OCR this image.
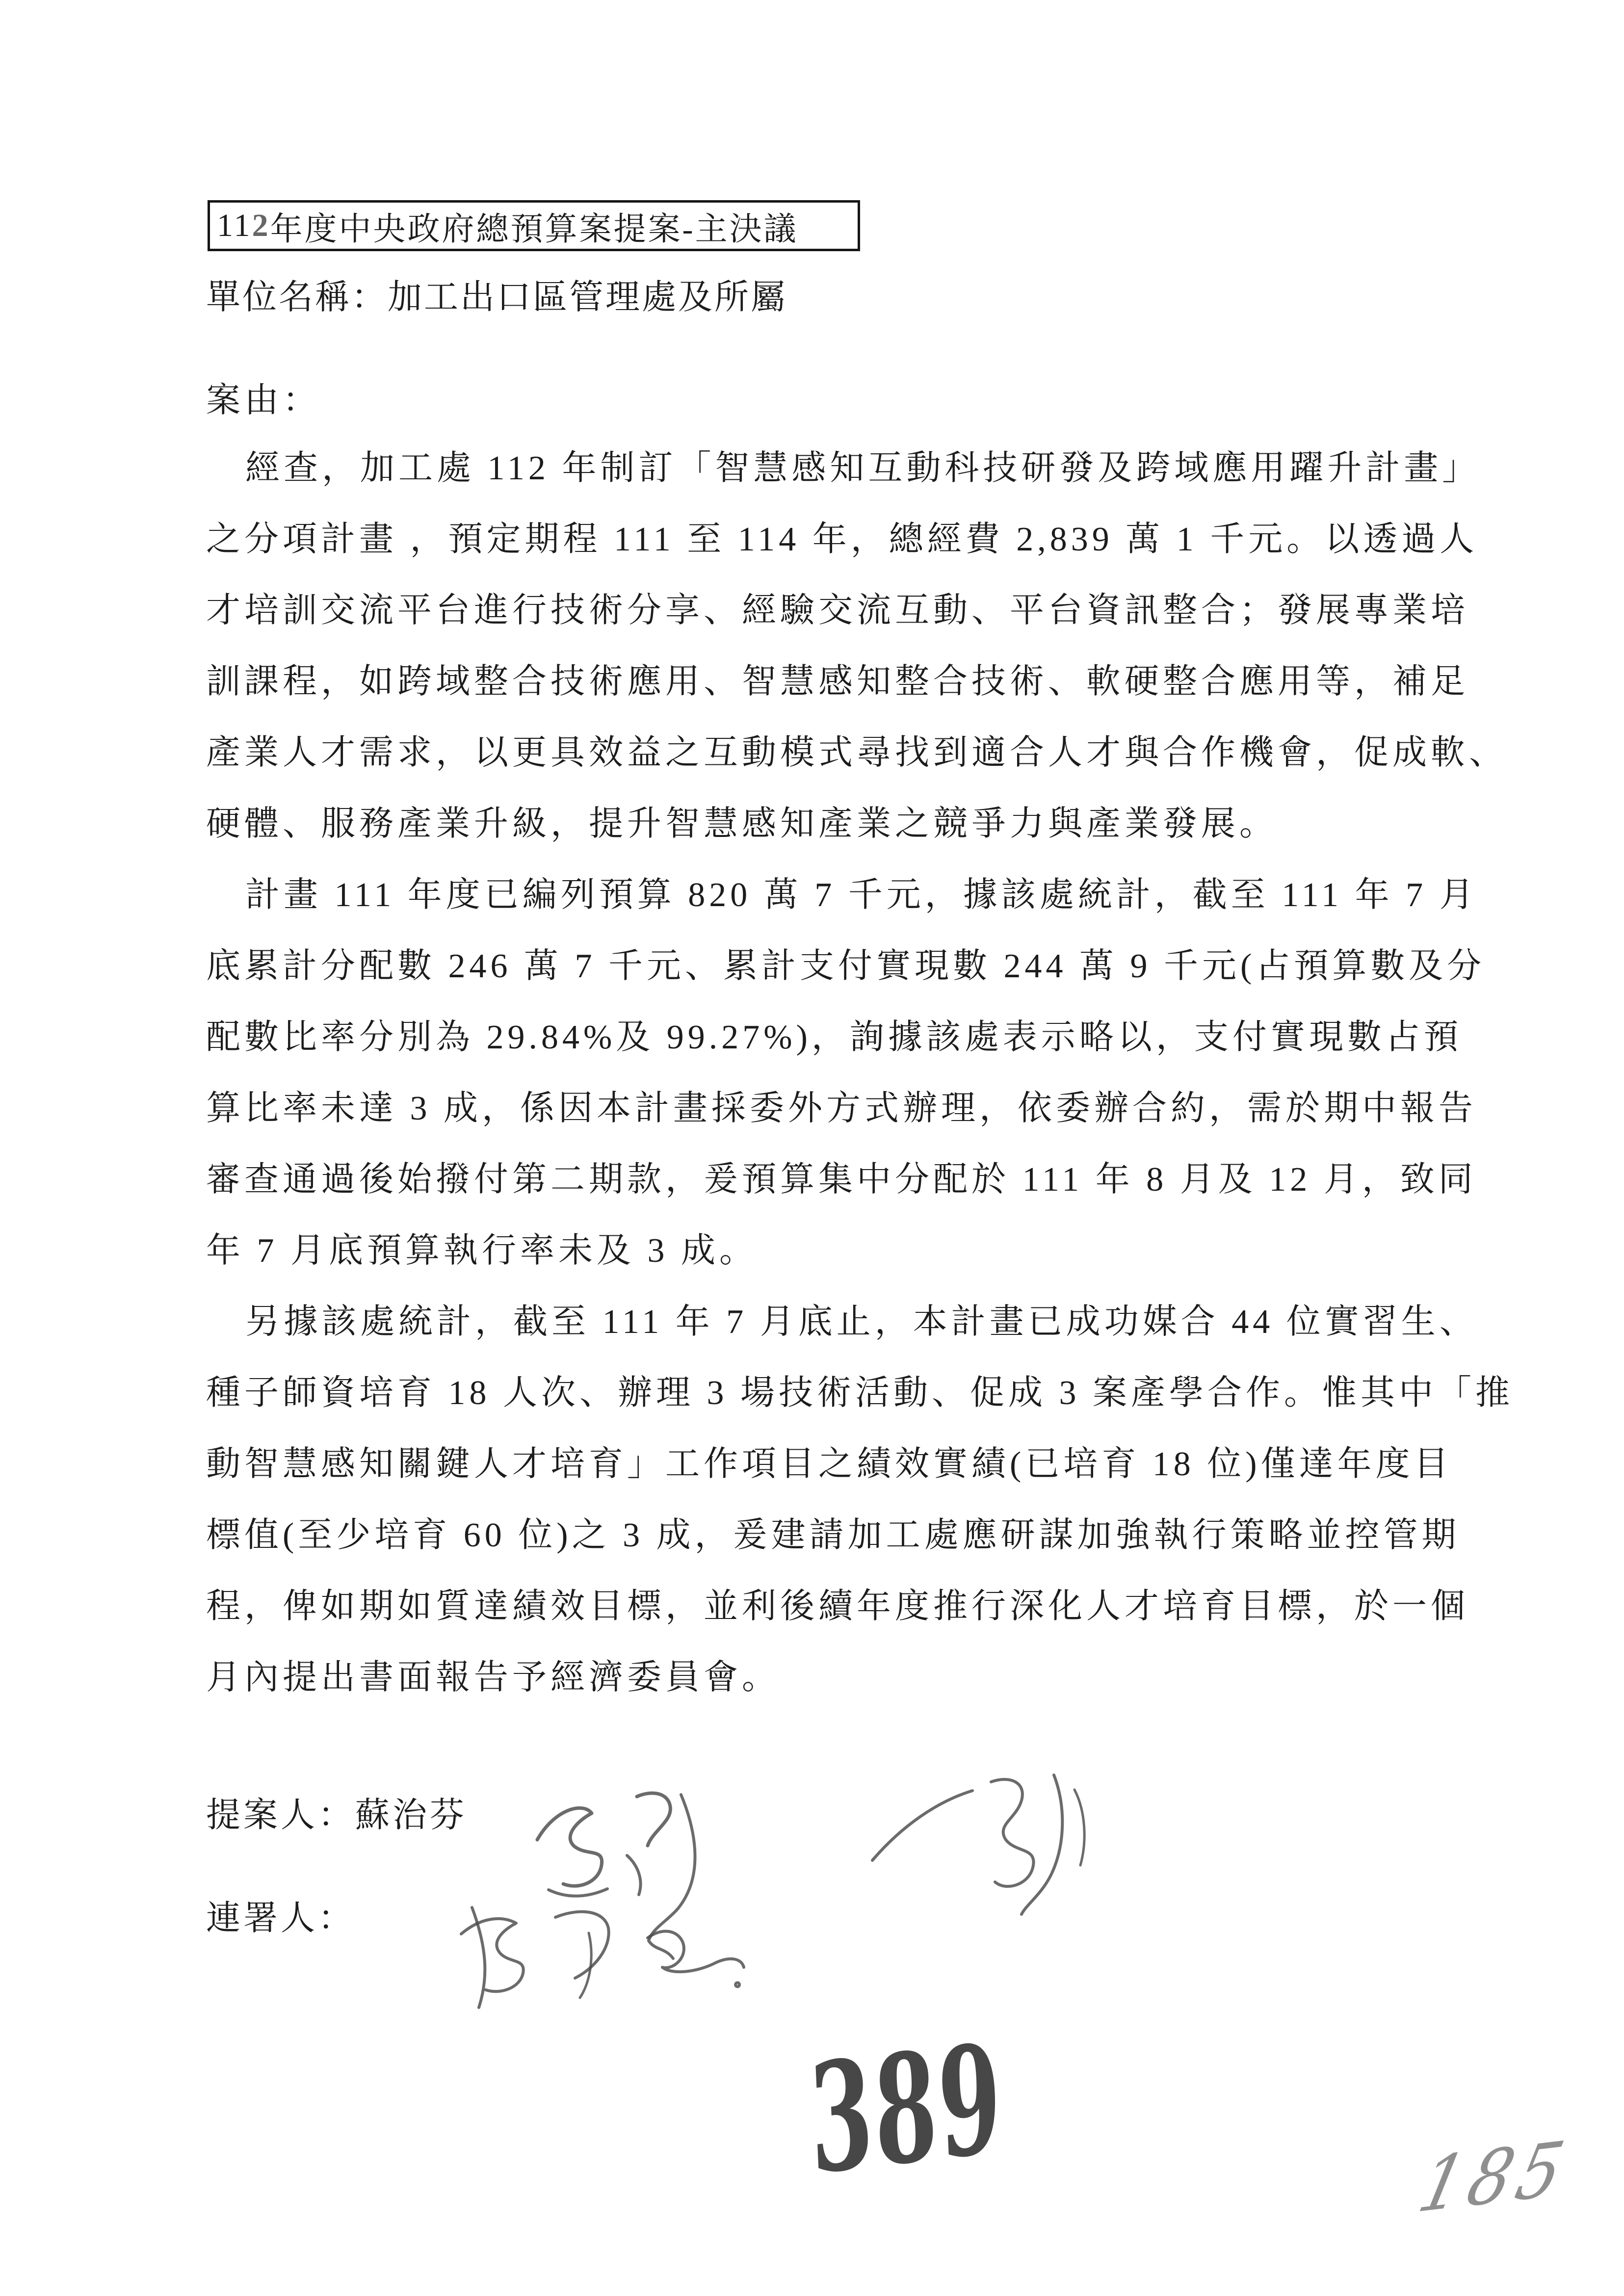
11 2 年度中央政府總預算案提案-主決議
單位名稱：加工出口區管理處及所屬
案由：
經查，加工處 112 年制訂「智慧感知互動科技研發及跨域應用躍升計畫」
之分項計畫 ，預定期程 111 至 114 年，總經費 2,839 萬 1 千元。以透過人
才培訓交流平台進行技術分享、經驗交流互動、平台資訊整合；發展專業培
訓課程，如跨域整合技術應用、智慧感知整合技術、軟硬整合應用等，補足
產業人才需求，以更具效益之互動模式尋找到適合人才與合作機會，促成軟、
硬體、服務產業升級，提升智慧感知產業之競爭力與產業發展。
計畫 111 年度已編列預算 820 萬 7 千元，據該處統計，截至 111 年 7 月
底累計分配數 246 萬 7 千元、累計支付實現數 244 萬 9 千元(占預算數及分
配數比率分別為 29.84%及 99.27%)，詢據該處表示略以，支付實現數占預
算比率未達 3 成，係因本計畫採委外方式辦理，依委辦合約，需於期中報告
審查通過後始撥付第二期款，爰預算集中分配於 111 年 8 月及 12 月，致同
年 7 月底預算執行率未及 3 成。
另據該處統計，截至 111 年 7 月底止，本計畫已成功媒合 44 位實習生、
種子師資培育 18 人次、辦理 3 場技術活動、促成 3 案產學合作。惟其中「推
動智慧感知關鍵人才培育」工作項目之績效實績(已培育 18 位)僅達年度目
標值(至少培育 60 位)之 3 成，爰建請加工處應研謀加強執行策略並控管期
程，俾如期如質達績效目標，並利後續年度推行深化人才培育目標，於一個
月內提出書面報告予經濟委員會。
提案人：蘇治芬
連署人：
389	185
